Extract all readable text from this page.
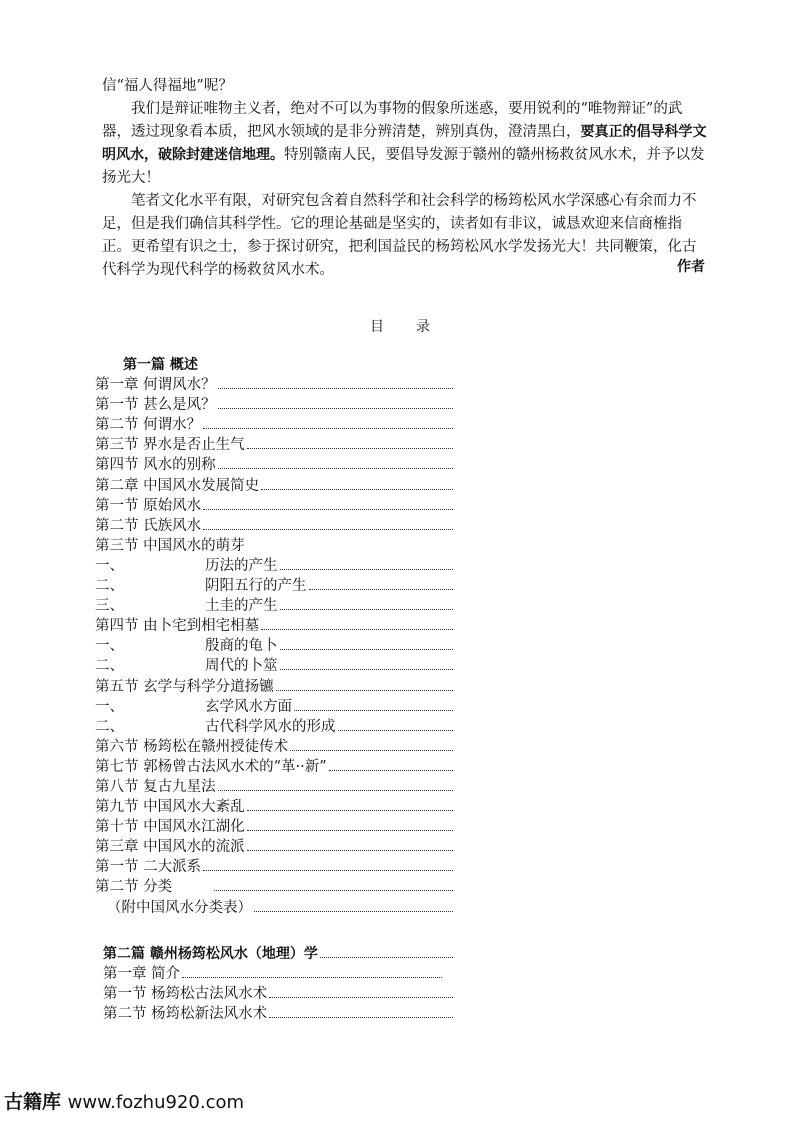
信“福人得福地”呢？

我们是辩证唯物主义者，绝对不可以为事物的假象所迷惑，要用锐利的“唯物辩证”的武器，透过现象看本质，把风水领域的是非分辨清楚，辨别真伪，澄清黑白，要真正的倡导科学文明风水，破除封建迷信地理。特别赣南人民，要倡导发源于赣州的赣州杨救贫风水术，并予以发扬光大！

笔者文化水平有限，对研究包含着自然科学和社会科学的杨筠松风水学深感心有余而力不足，但是我们确信其科学性。它的理论基础是坚实的，读者如有非议，诚恳欢迎来信商榷指正。更希望有识之士，参于探讨研究，把利国益民的杨筠松风水学发扬光大！共同鞭策，化古代科学为现代科学的杨救贫风水术。	作者
目录
第一篇 概述
第一章 何谓风水？
第一节 甚么是风？
第二节 何谓水？
第三节 界水是否止生气
第四节 风水的别称
第二章 中国风水发展简史
第一节 原始风水
第二节 氏族风水
第三节 中国风水的萌芽
一、	历法的产生
二、	阴阳五行的产生
三、	土圭的产生
第四节 由卜宅到相宅相墓
一、	殷商的龟卜
二、	周代的卜筮
第五节 玄学与科学分道扬镳
一、	玄学风水方面
二、	古代科学风水的形成
第六节 杨筠松在赣州授徒传术
第七节 郭杨曾古法风水术的“革··新”
第八节 复古九星法
第九节 中国风水大紊乱
第十节 中国风水江湖化
第三章 中国风水的流派
第一节 二大派系
第二节 分类
（附中国风水分类表）
第二篇 赣州杨筠松风水（地理）学
第一章 简介
第一节 杨筠松古法风水术
第二节 杨筠松新法风水术
古籍库 www.fozhu920.com
